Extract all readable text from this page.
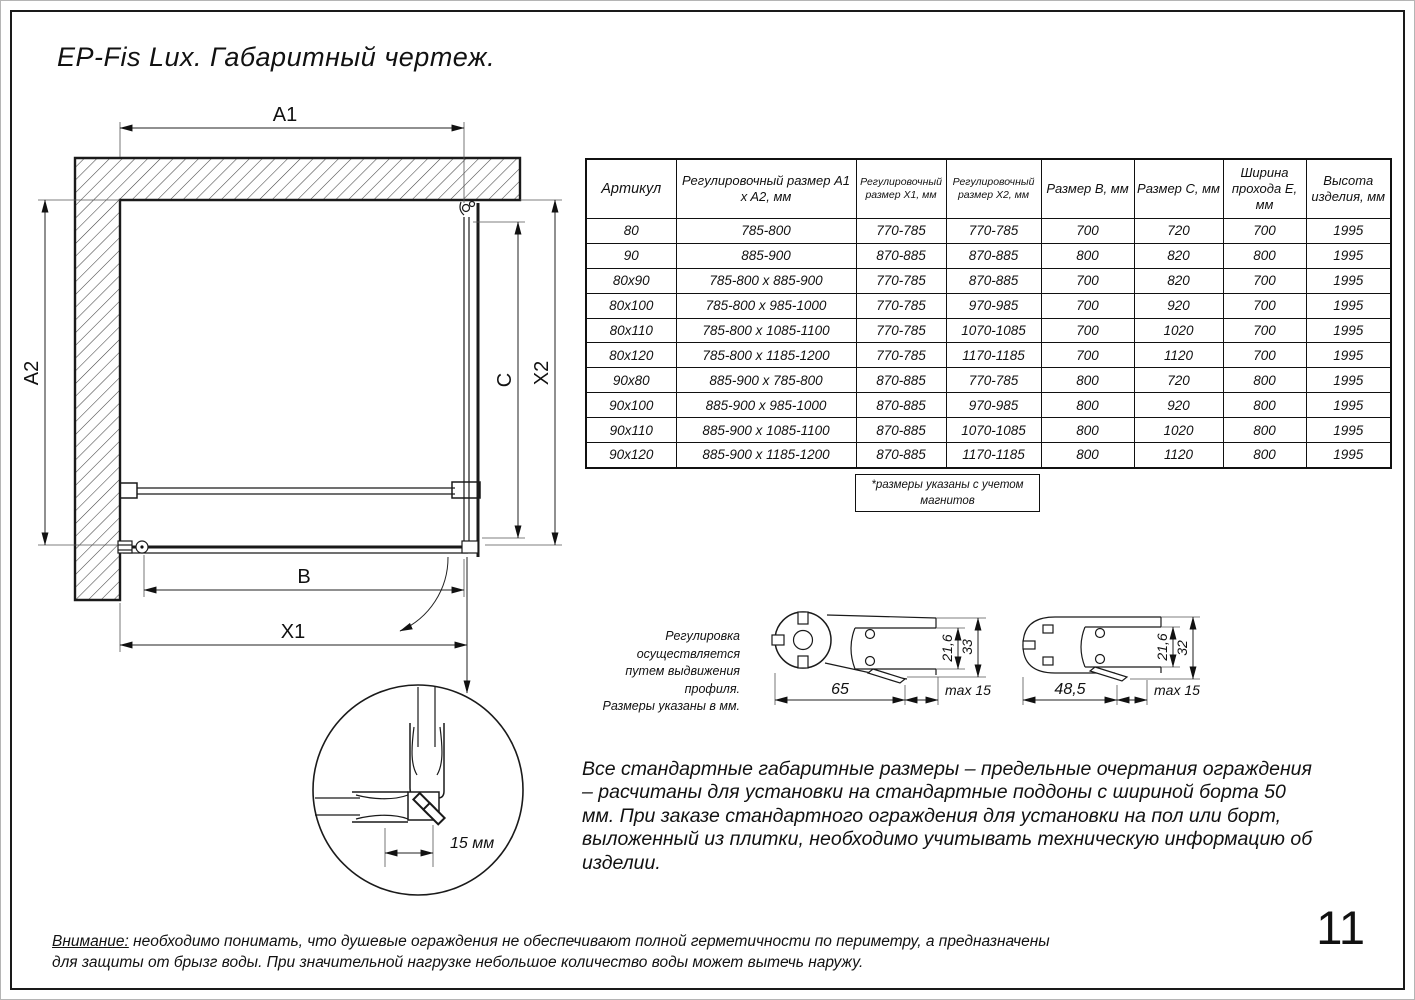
EP-Fis Lux. Габаритный чертеж.
A1
A2
B
X1
C X2
15 мм
Артикул	Регулировочный размер A1 x A2, мм	Регулировочный размер X1, мм	Регулировочный размер X2, мм	Размер B, мм	Размер C, мм	Ширина прохода E, мм	Высота изделия, мм
80	785-800	770-785	770-785	700	720	700	1995
90	885-900	870-885	870-885	800	820	800	1995
80x90	785-800 x 885-900	770-785	870-885	700	820	700	1995
80x100	785-800 x 985-1000	770-785	970-985	700	920	700	1995
80x110	785-800 x 1085-1100	770-785	1070-1085	700	1020	700	1995
80x120	785-800 x 1185-1200	770-785	1170-1185	700	1120	700	1995
90x80	885-900 x 785-800	870-885	770-785	800	720	800	1995
90x100	885-900 x 985-1000	870-885	970-985	800	920	800	1995
90x110	885-900 x 1085-1100	870-885	1070-1085	800	1020	800	1995
90x120	885-900 x 1185-1200	870-885	1170-1185	800	1120	800	1995
*размеры указаны с учетом магнитов
Регулировка осуществляется
путем выдвижения профиля.
Размеры указаны в мм.
65	max 15
21,6 33
48,5	max 15
21,6 32
Все стандартные габаритные размеры – предельные очертания ограждения – расчитаны для установки на стандартные поддоны с шириной борта 50 мм. При заказе стандартного ограждения для установки на пол или борт, выложенный из плитки, необходимо учитывать техническую информацию об изделии.
Внимание: необходимо понимать, что душевые ограждения не обеспечивают полной герметичности по периметру, а предназначены для защиты от брызг воды. При значительной нагрузке небольшое количество воды может вытечь наружу.
11
